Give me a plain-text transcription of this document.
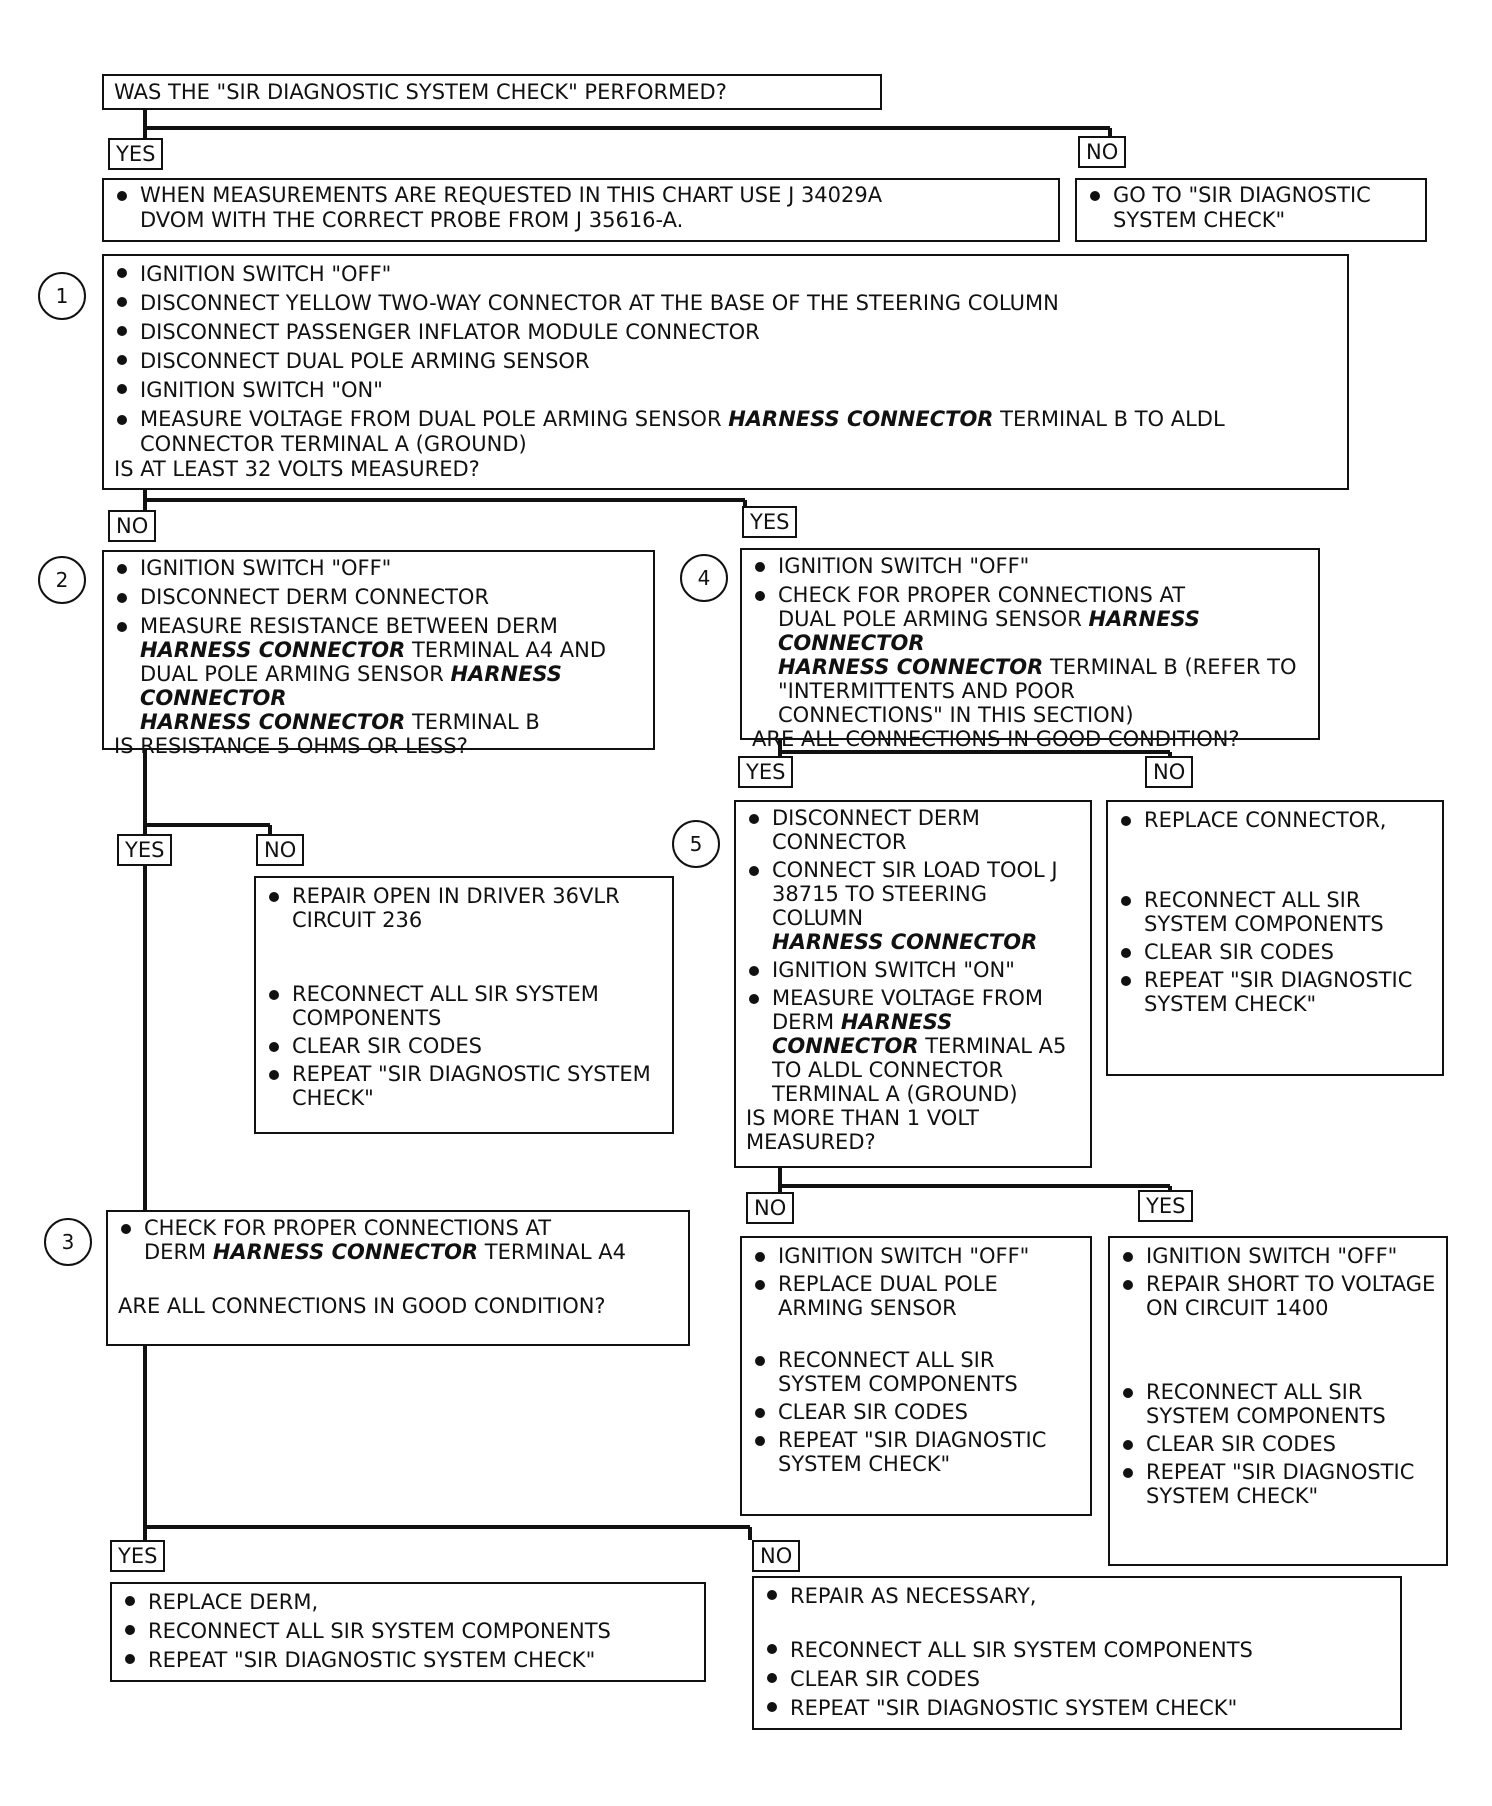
WAS THE "SIR DIAGNOSTIC SYSTEM CHECK" PERFORMED?
YES	NO
WHEN MEASUREMENTS ARE REQUESTED IN THIS CHART USE J 34029A
DVOM WITH THE CORRECT PROBE FROM J 35616-A.
GO TO "SIR DIAGNOSTIC
SYSTEM CHECK"
1
IGNITION SWITCH "OFF"
DISCONNECT YELLOW TWO-WAY CONNECTOR AT THE BASE OF THE STEERING COLUMN
DISCONNECT PASSENGER INFLATOR MODULE CONNECTOR
DISCONNECT DUAL POLE ARMING SENSOR
IGNITION SWITCH "ON"
MEASURE VOLTAGE FROM DUAL POLE ARMING SENSOR HARNESS CONNECTOR TERMINAL B TO ALDL
CONNECTOR TERMINAL A (GROUND)
IS AT LEAST 32 VOLTS MEASURED?
NO	YES
2	IGNITION SWITCH "OFF"
DISCONNECT DERM CONNECTOR
MEASURE RESISTANCE BETWEEN DERM
HARNESS CONNECTOR TERMINAL A4 AND
DUAL POLE ARMING SENSOR HARNESS CONNECTOR
HARNESS CONNECTOR TERMINAL B
IS RESISTANCE 5 OHMS OR LESS?
4	IGNITION SWITCH "OFF"
CHECK FOR PROPER CONNECTIONS AT
DUAL POLE ARMING SENSOR HARNESS CONNECTOR
HARNESS CONNECTOR TERMINAL B (REFER TO
"INTERMITTENTS AND POOR
CONNECTIONS" IN THIS SECTION)
ARE ALL CONNECTIONS IN GOOD CONDITION?
YES	NO
YES	NO
REPAIR OPEN IN DRIVER 36VLR CIRCUIT 236
RECONNECT ALL SIR SYSTEM COMPONENTS
CLEAR SIR CODES
REPEAT "SIR DIAGNOSTIC SYSTEM CHECK"
REPLACE CONNECTOR,
RECONNECT ALL SIR SYSTEM COMPONENTS
CLEAR SIR CODES
REPEAT "SIR DIAGNOSTIC SYSTEM CHECK"
5
DISCONNECT DERM CONNECTOR
CONNECT SIR LOAD TOOL J 38715 TO STEERING COLUMN
HARNESS CONNECTOR
IGNITION SWITCH "ON"
MEASURE VOLTAGE FROM DERM HARNESS CONNECTOR TERMINAL A5 TO ALDL CONNECTOR TERMINAL A (GROUND)
IS MORE THAN 1 VOLT MEASURED?
NO	YES
3
CHECK FOR PROPER CONNECTIONS AT
DERM HARNESS CONNECTOR TERMINAL A4
ARE ALL CONNECTIONS IN GOOD CONDITION?
IGNITION SWITCH "OFF"
REPLACE DUAL POLE ARMING SENSOR
RECONNECT ALL SIR SYSTEM COMPONENTS
CLEAR SIR CODES
REPEAT "SIR DIAGNOSTIC SYSTEM CHECK"
IGNITION SWITCH "OFF"
REPAIR SHORT TO VOLTAGE ON CIRCUIT 1400
RECONNECT ALL SIR SYSTEM COMPONENTS
CLEAR SIR CODES
REPEAT "SIR DIAGNOSTIC SYSTEM CHECK"
YES	NO
REPLACE DERM,
RECONNECT ALL SIR SYSTEM COMPONENTS
REPEAT "SIR DIAGNOSTIC SYSTEM CHECK"
REPAIR AS NECESSARY,
RECONNECT ALL SIR SYSTEM COMPONENTS
CLEAR SIR CODES
REPEAT "SIR DIAGNOSTIC SYSTEM CHECK"
